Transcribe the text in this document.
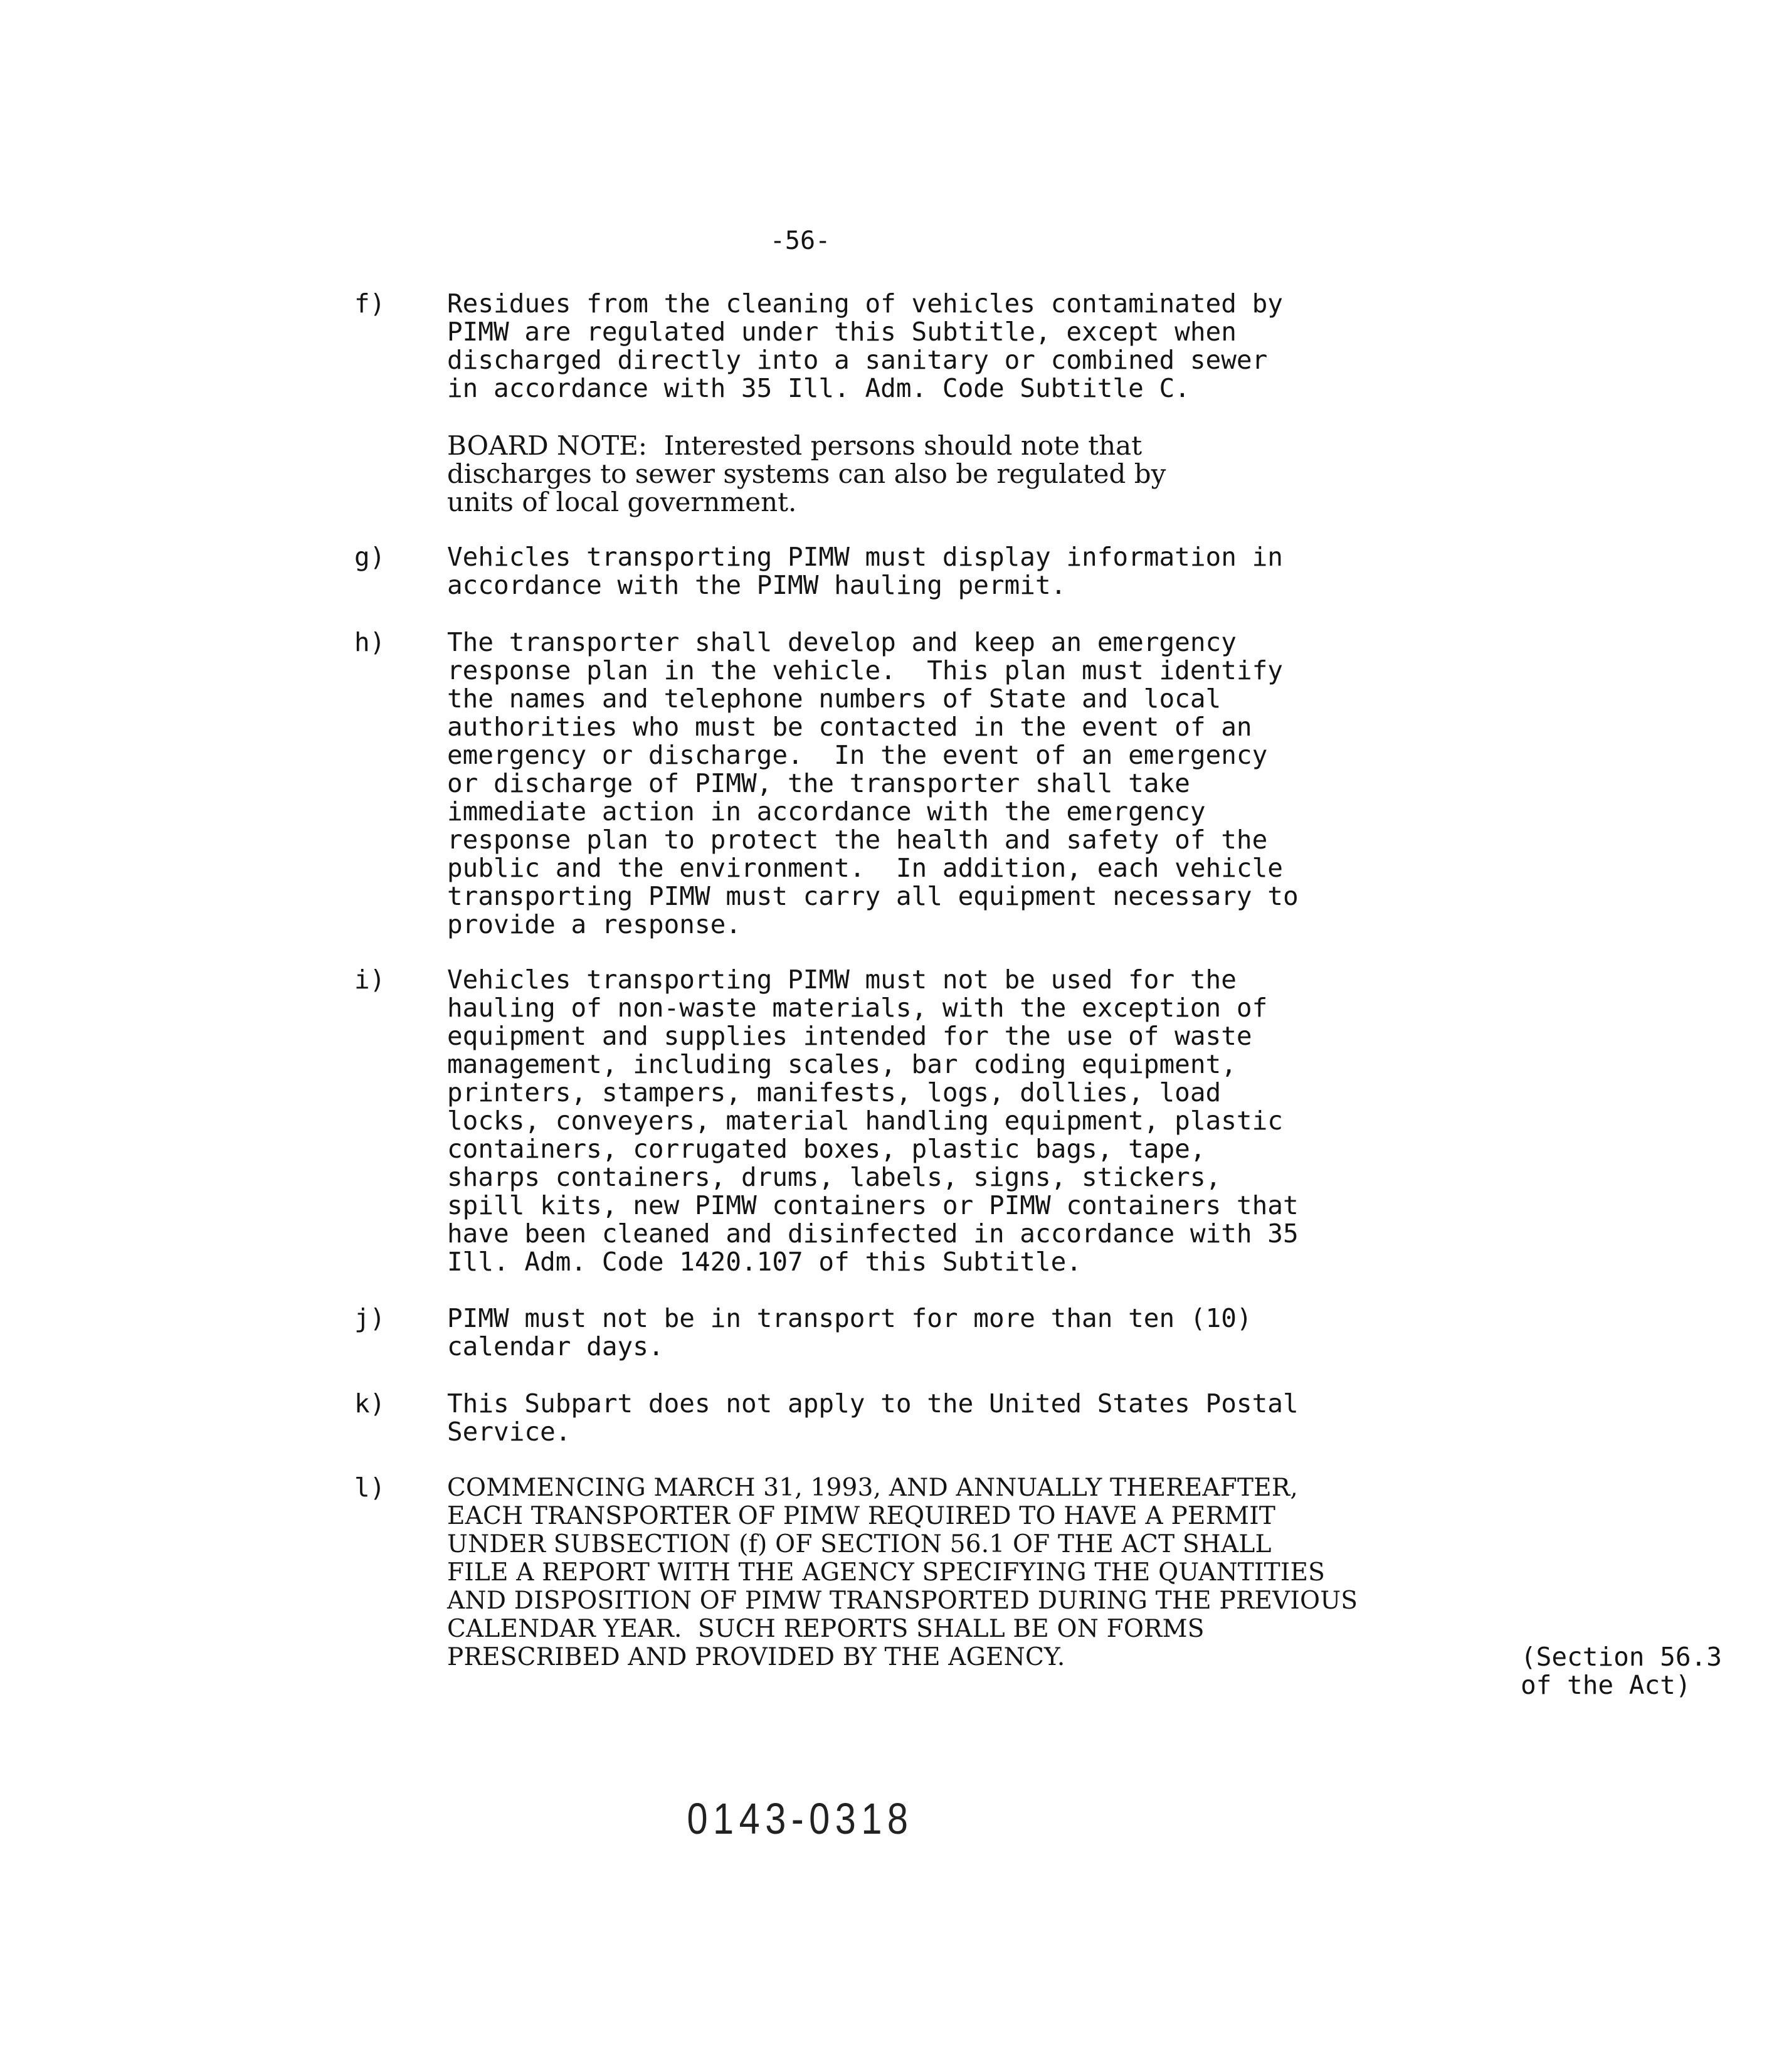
-56-
f)	Residues from the cleaning of vehicles contaminated by
PIMW are regulated under this Subtitle, except when
discharged directly into a sanitary or combined sewer
in accordance with 35 Ill. Adm. Code Subtitle C.
BOARD NOTE:  Interested persons should note that
discharges to sewer systems can also be regulated by
units of local government.
g)	Vehicles transporting PIMW must display information in
accordance with the PIMW hauling permit.
h)	The transporter shall develop and keep an emergency
response plan in the vehicle.  This plan must identify
the names and telephone numbers of State and local
authorities who must be contacted in the event of an
emergency or discharge.  In the event of an emergency
or discharge of PIMW, the transporter shall take
immediate action in accordance with the emergency
response plan to protect the health and safety of the
public and the environment.  In addition, each vehicle
transporting PIMW must carry all equipment necessary to
provide a response.
i)	Vehicles transporting PIMW must not be used for the
hauling of non-waste materials, with the exception of
equipment and supplies intended for the use of waste
management, including scales, bar coding equipment,
printers, stampers, manifests, logs, dollies, load
locks, conveyers, material handling equipment, plastic
containers, corrugated boxes, plastic bags, tape,
sharps containers, drums, labels, signs, stickers,
spill kits, new PIMW containers or PIMW containers that
have been cleaned and disinfected in accordance with 35
Ill. Adm. Code 1420.107 of this Subtitle.
j)	PIMW must not be in transport for more than ten (10)
calendar days.
k)	This Subpart does not apply to the United States Postal
Service.
l)	COMMENCING MARCH 31, 1993, AND ANNUALLY THEREAFTER,
EACH TRANSPORTER OF PIMW REQUIRED TO HAVE A PERMIT
UNDER SUBSECTION (f) OF SECTION 56.1 OF THE ACT SHALL
FILE A REPORT WITH THE AGENCY SPECIFYING THE QUANTITIES
AND DISPOSITION OF PIMW TRANSPORTED DURING THE PREVIOUS
CALENDAR YEAR.  SUCH REPORTS SHALL BE ON FORMS
PRESCRIBED AND PROVIDED BY THE AGENCY.	(Section 56.3
of the Act)
0143-0318
